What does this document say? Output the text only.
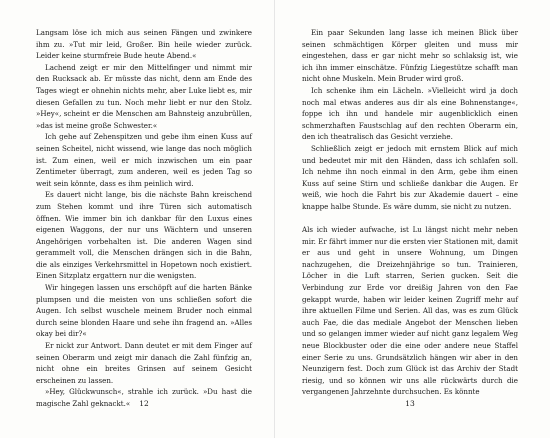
Langsam löse ich mich aus seinen Fängen und zwinkere ihm zu. »Tut mir leid, Großer. Bin heile wieder zurück. Leider keine sturmfreie Bude heute Abend.«

Lachend zeigt er mir den Mittelfinger und nimmt mir den Rucksack ab. Er müsste das nicht, denn am Ende des Tages wiegt er ohnehin nichts mehr, aber Luke liebt es, mir diesen Gefallen zu tun. Noch mehr liebt er nur den Stolz. »Hey«, scheint er die Menschen am Bahnsteig anzubrüllen, »das ist meine große Schwester.«

Ich gehe auf Zehenspitzen und gebe ihm einen Kuss auf seinen Scheitel, nicht wissend, wie lange das noch möglich ist. Zum einen, weil er mich inzwischen um ein paar Zentimeter überragt, zum anderen, weil es jeden Tag so weit sein könnte, dass es ihm peinlich wird.

Es dauert nicht lange, bis die nächste Bahn kreischend zum Stehen kommt und ihre Türen sich automatisch öffnen. Wie immer bin ich dankbar für den Luxus eines eigenen Waggons, der nur uns Wächtern und unseren Angehörigen vorbehalten ist. Die anderen Wagen sind gerammelt voll, die Menschen drängen sich in die Bahn, die als einziges Verkehrsmittel in Hopetown noch existiert. Einen Sitzplatz ergattern nur die wenigsten.

Wir hingegen lassen uns erschöpft auf die harten Bänke plumpsen und die meisten von uns schließen sofort die Augen. Ich selbst wuschele meinem Bruder noch einmal durch seine blonden Haare und sehe ihn fragend an. »Alles okay bei dir?«

Er nickt zur Antwort. Dann deutet er mit dem Finger auf seinen Oberarm und zeigt mir danach die Zahl fünfzig an, nicht ohne ein breites Grinsen auf seinem Gesicht erscheinen zu lassen.

»Hey, Glückwunsch«, strahle ich zurück. »Du hast die magische Zahl geknackt.«	12

Ein paar Sekunden lang lasse ich meinen Blick über seinen schmächtigen Körper gleiten und muss mir eingestehen, dass er gar nicht mehr so schlaksig ist, wie ich ihn immer einschätze. Fünfzig Liegestütze schafft man nicht ohne Muskeln. Mein Bruder wird groß.

Ich schenke ihm ein Lächeln. »Vielleicht wird ja doch noch mal etwas anderes aus dir als eine Bohnenstange«, foppe ich ihn und handele mir augenblicklich einen schmerzhaften Faustschlag auf den rechten Oberarm ein, den ich theatralisch das Gesicht verziehe.

Schließlich zeigt er jedoch mit ernstem Blick auf mich und bedeutet mir mit den Händen, dass ich schlafen soll. Ich nehme ihn noch einmal in den Arm, gebe ihm einen Kuss auf seine Stirn und schließe dankbar die Augen. Er weiß, wie hoch die Fahrt bis zur Akademie dauert – eine knappe halbe Stunde. Es wäre dumm, sie nicht zu nutzen.

Als ich wieder aufwache, ist Lu längst nicht mehr neben mir. Er fährt immer nur die ersten vier Stationen mit, damit er aus und geht in unsere Wohnung, um Dingen nachzugehen, die Dreizehnjährige so tun. Trainieren, Löcher in die Luft starren, Serien gucken. Seit die Verbindung zur Erde vor dreißig Jahren von den Fae gekappt wurde, haben wir leider keinen Zugriff mehr auf ihre aktuellen Filme und Serien. All das, was es zum Glück auch Fae, die das mediale Angebot der Menschen lieben und so gelangen immer wieder auf nicht ganz legalem Weg neue Blockbuster oder die eine oder andere neue Staffel einer Serie zu uns. Grundsätzlich hängen wir aber in den Neunzigern fest. Doch zum Glück ist das Archiv der Stadt riesig, und so können wir uns alle rückwärts durch die vergangenen Jahrzehnte durchsuchen. Es könnte

13
